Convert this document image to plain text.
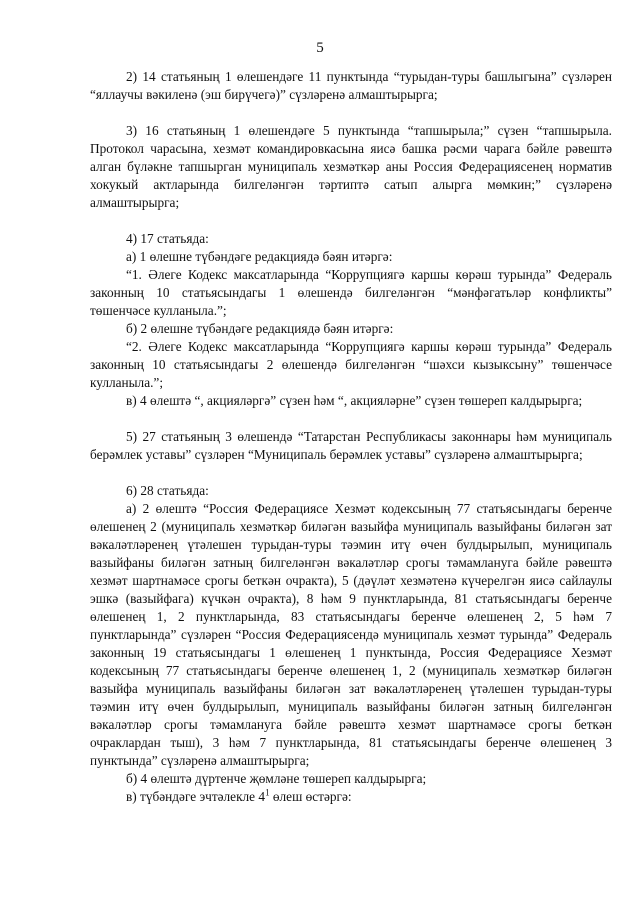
5

2) 14 статьяның 1 өлешендәге 11 пунктында “турыдан-туры башлыгына” сүзләрен “яллаучы вәкиленә (эш бирүчегә)” сүзләренә алмаштырырга;

3) 16 статьяның 1 өлешендәге 5 пунктында “тапшырыла;” сүзен “тапшырыла. Протокол чарасына, хезмәт командировкасына яисә башка рәсми чарага бәйле рәвештә алган бүләкне тапшырган муниципаль хезмәткәр аны Россия Федерациясенең норматив хокукый актларында билгеләнгән тәртиптә сатып алырга мөмкин;” сүзләренә алмаштырырга;

4) 17 статьяда:

а) 1 өлешне түбәндәге редакциядә бәян итәргә:

“1. Әлеге Кодекс максатларында “Коррупциягә каршы көрәш турында” Федераль законның 10 статьясындагы 1 өлешендә билгеләнгән “мәнфәгатьләр конфликты” төшенчәсе кулланыла.”;

б) 2 өлешне түбәндәге редакциядә бәян итәргә:

“2. Әлеге Кодекс максатларында “Коррупциягә каршы көрәш турында” Федераль законның 10 статьясындагы 2 өлешендә билгеләнгән “шәхси кызыксыну” төшенчәсе кулланыла.”;

в) 4 өлештә “, акцияләргә” сүзен һәм “, акцияләрне” сүзен төшереп калдырырга;

5) 27 статьяның 3 өлешендә “Татарстан Республикасы законнары һәм муниципаль берәмлек уставы” сүзләрен “Муниципаль берәмлек уставы” сүзләренә алмаштырырга;

6) 28 статьяда:

а) 2 өлештә “Россия Федерациясе Хезмәт кодексының 77 статьясындагы беренче өлешенең 2 (муниципаль хезмәткәр биләгән вазыйфа муниципаль вазыйфаны биләгән зат вәкаләтләренең үтәлешен турыдан-туры тәэмин итү өчен булдырылып, муниципаль вазыйфаны биләгән затның билгеләнгән вәкаләтләр срогы тәмамлануга бәйле рәвештә хезмәт шартнамәсе срогы беткән очракта), 5 (дәүләт хезмәтенә күчерелгән яисә сайлаулы эшкә (вазыйфага) күчкән очракта), 8 һәм 9 пунктларында, 81 статьясындагы беренче өлешенең 1, 2 пунктларында, 83 статьясындагы беренче өлешенең 2, 5 һәм 7 пунктларында” сүзләрен “Россия Федерациясендә муниципаль хезмәт турында” Федераль законның 19 статьясындагы 1 өлешенең 1 пунктында, Россия Федерациясе Хезмәт кодексының 77 статьясындагы беренче өлешенең 1, 2 (муниципаль хезмәткәр биләгән вазыйфа муниципаль вазыйфаны биләгән зат вәкаләтләренең үтәлешен турыдан-туры тәэмин итү өчен булдырылып, муниципаль вазыйфаны биләгән затның билгеләнгән вәкаләтләр срогы тәмамлануга бәйле рәвештә хезмәт шартнамәсе срогы беткән очраклардан тыш), 3 һәм 7 пунктларында, 81 статьясындагы беренче өлешенең 3 пунктында” сүзләренә алмаштырырга;

б) 4 өлештә дүртенче җөмләне төшереп калдырырга;

в) түбәндәге эчтәлекле $4^1$ өлеш өстәргә:
